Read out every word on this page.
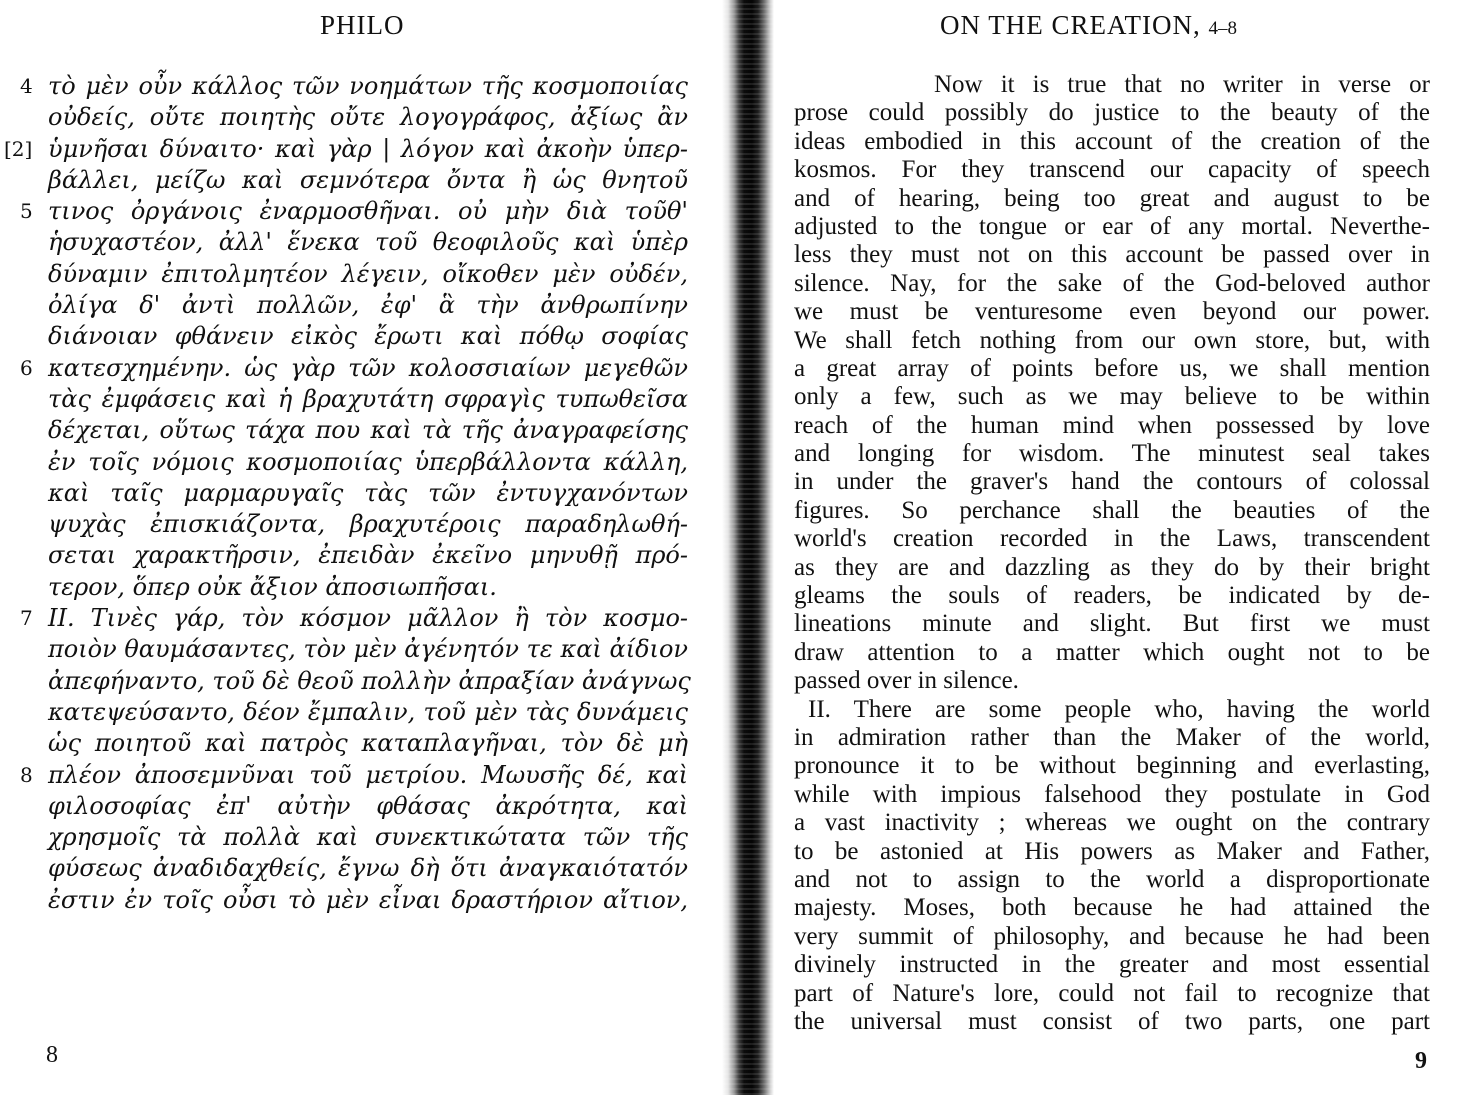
PHILO
4 τὸ μὲν οὖν κάλλος τῶν νοημάτων τῆς κοσμοποιίας
οὐδείς, οὔτε ποιητὴς οὔτε λογογράφος, ἀξίως ἂν
[2] ὑμνῆσαι δύναιτο· καὶ γὰρ | λόγον καὶ ἀκοὴν ὑπερ-
βάλλει, μείζω καὶ σεμνότερα ὄντα ἢ ὡς θνητοῦ
5 τινος ὀργάνοις ἐναρμοσθῆναι. οὐ μὴν διὰ τοῦθ'
ἡσυχαστέον, ἀλλ' ἕνεκα τοῦ θεοφιλοῦς καὶ ὑπὲρ
δύναμιν ἐπιτολμητέον λέγειν, οἴκοθεν μὲν οὐδέν,
ὀλίγα δ' ἀντὶ πολλῶν, ἐφ' ἃ τὴν ἀνθρωπίνην
διάνοιαν φθάνειν εἰκὸς ἔρωτι καὶ πόθῳ σοφίας
6 κατεσχημένην. ὡς γὰρ τῶν κολοσσιαίων μεγεθῶν
τὰς ἐμφάσεις καὶ ἡ βραχυτάτη σφραγὶς τυπωθεῖσα
δέχεται, οὕτως τάχα που καὶ τὰ τῆς ἀναγραφείσης
ἐν τοῖς νόμοις κοσμοποιίας ὑπερβάλλοντα κάλλη,
καὶ ταῖς μαρμαρυγαῖς τὰς τῶν ἐντυγχανόντων
ψυχὰς ἐπισκιάζοντα, βραχυτέροις παραδηλωθή-
σεται χαρακτῆρσιν, ἐπειδὰν ἐκεῖνο μηνυθῇ πρό-
τερον, ὅπερ οὐκ ἄξιον ἀποσιωπῆσαι.
7 II. Τινὲς γάρ, τὸν κόσμον μᾶλλον ἢ τὸν κοσμο-
ποιὸν θαυμάσαντες, τὸν μὲν ἀγένητόν τε καὶ ἀίδιον
ἀπεφήναντο, τοῦ δὲ θεοῦ πολλὴν ἀπραξίαν ἀνάγνως
κατεψεύσαντο, δέον ἔμπαλιν, τοῦ μὲν τὰς δυνάμεις
ὡς ποιητοῦ καὶ πατρὸς καταπλαγῆναι, τὸν δὲ μὴ
8 πλέον ἀποσεμνῦναι τοῦ μετρίου. Μωυσῆς δέ, καὶ
φιλοσοφίας ἐπ' αὐτὴν φθάσας ἀκρότητα, καὶ
χρησμοῖς τὰ πολλὰ καὶ συνεκτικώτατα τῶν τῆς
φύσεως ἀναδιδαχθείς, ἔγνω δὴ ὅτι ἀναγκαιότατόν
ἐστιν ἐν τοῖς οὖσι τὸ μὲν εἶναι δραστήριον αἴτιον,

8

ON THE CREATION, 4–8
Now it is true that no writer in verse or
prose could possibly do justice to the beauty of the
ideas embodied in this account of the creation of the
kosmos. For they transcend our capacity of speech
and of hearing, being too great and august to be
adjusted to the tongue or ear of any mortal. Neverthe-
less they must not on this account be passed over in
silence. Nay, for the sake of the God-beloved author
we must be venturesome even beyond our power.
We shall fetch nothing from our own store, but, with
a great array of points before us, we shall mention
only a few, such as we may believe to be within
reach of the human mind when possessed by love
and longing for wisdom. The minutest seal takes
in under the graver's hand the contours of colossal
figures. So perchance shall the beauties of the
world's creation recorded in the Laws, transcendent
as they are and dazzling as they do by their bright
gleams the souls of readers, be indicated by de-
lineations minute and slight. But first we must
draw attention to a matter which ought not to be
passed over in silence.
II. There are some people who, having the world
in admiration rather than the Maker of the world,
pronounce it to be without beginning and everlasting,
while with impious falsehood they postulate in God
a vast inactivity ; whereas we ought on the contrary
to be astonied at His powers as Maker and Father,
and not to assign to the world a disproportionate
majesty. Moses, both because he had attained the
very summit of philosophy, and because he had been
divinely instructed in the greater and most essential
part of Nature's lore, could not fail to recognize that
the universal must consist of two parts, one part

9
